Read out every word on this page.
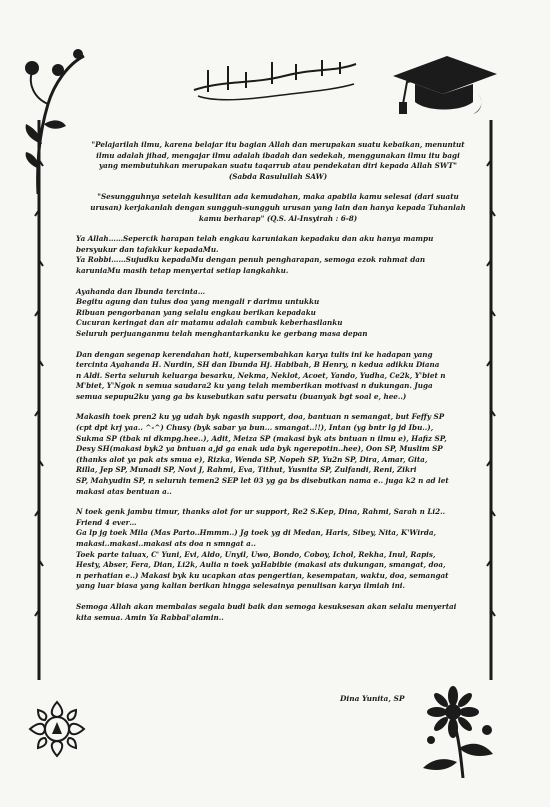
"Pelajarilah ilmu, karena belajar itu bagian Allah dan merupakan suatu kebaikan, menuntut
ilmu adalah jihad, mengajar ilmu adalah ibadah dan sedekah, menggunakan ilmu itu bagi
yang membutuhkan merupakan suatu taqarrub atau pendekatan diri kepada Allah SWT"
(Sabda Rasulullah SAW)
"Sesungguhnya setelah kesulitan ada kemudahan, maka apabila kamu selesai (dari suatu
urusan) kerjakanlah dengan sungguh-sungguh urusan yang lain dan hanya kepada Tuhanlah
kamu berharap" (Q.S. Al-Insyirah : 6-8)
Ya Allah……Sepercik harapan telah engkau karuniakan kepadaku dan aku hanya mampu
bersyukur dan tafakkur kepadaMu.
Ya Robbi……Sujudku kepadaMu dengan penuh pengharapan, semoga ezok rahmat dan
karuniaMu masih tetap menyertai setiap langkahku.
Ayahanda dan Ibunda tercinta…
Begitu agung dan tulus doa yang mengali r darimu untukku
Ribuan pengorbanan yang selalu engkau berikan kepadaku
Cucuran keringat dan air matamu adalah cambuk keberhasilanku
Seluruh perjuanganmu telah menghantarkanku ke gerbang masa depan
Dan dengan segenap kerendahan hati, kupersembahkan karya tulis ini ke hadapan yang
tercinta Ayahanda H. Nurdin, SH dan Ibunda Hj. Habibah, B Henry, n kedua adikku Diana
n Aldi. Serta seluruh keluarga besarku, Nekma, Neklot, Acoet, Yando, Yudha, Ce2k, Y'biet n
M'biet, Y'Ngok n semua saudara2 ku yang telah memberikan motivasi n dukungan. Juga
semua sepupu2ku yang ga bs kusebutkan satu persatu (buanyak bgt soal e, hee..)
Makasih toek pren2 ku yg udah byk ngasih support, doa, bantuan n semangat, but Feffy SP
(cpt dpt krj yaa.. ^-^) Chusy (byk sabar ya bun... smangat..!!), Intan (yg bntr lg jd Ibu..),
Sukma SP (tbak ni dkmpg.hee..), Adit, Meiza SP (makasi byk ats bntuan n ilmu e), Hafiz SP,
Desy SH(makasi byk2 ya bntuan a,jd ga enak uda byk ngerepotin..hee), Oon SP, Muslim SP
(thanks alot ya pak ats smua e), Rizka, Wenda SP, Nopeh SP, Yu2n SP, Dira, Amar, Gita,
Rilla, Jep SP, Munadi SP, Novi J, Rahmi, Eva, Tithut, Yusnita SP, Zulfandi, Reni, Zikri
SP, Mahyudin SP, n seluruh temen2 SEP let 03 yg ga bs disebutkan nama e.. juga k2 n ad let
makasi atas bentuan a..
N toek genk jambu timur, thanks alot for ur support, Re2 S.Kep, Dina, Rahmi, Sarah n Li2..
Friend 4 ever…
Ga lp jg toek Mila (Mas Parto..Hmmm..) Jg toek yg di Medan, Haris, Sibey, Nita, K'Wirda,
makasi..makasi..makasi ats doa n smngat a..
Toek parte taluax, C' Yuni, Evi, Aldo, Unyil, Uwo, Bondo, Coboy, Ichol, Rekha, Inul, Rapis,
Hesty, Abser, Fera, Dian, Li2k, Aulia n toek yaHabibie (makasi ats dukungan, smangat, doa,
n perhatian e..) Makasi byk ku ucapkan atas pengertian, kesempatan, waktu, doa, semangat
yang luar biasa yang kalian berikan hingga selesainya penulisan karya ilmiah ini.
Semoga Allah akan membalas segala budi baik dan semoga kesuksesan akan selalu menyertai
kita semua. Amin Ya Rabbal'alamin..
Dina Yunita, SP
